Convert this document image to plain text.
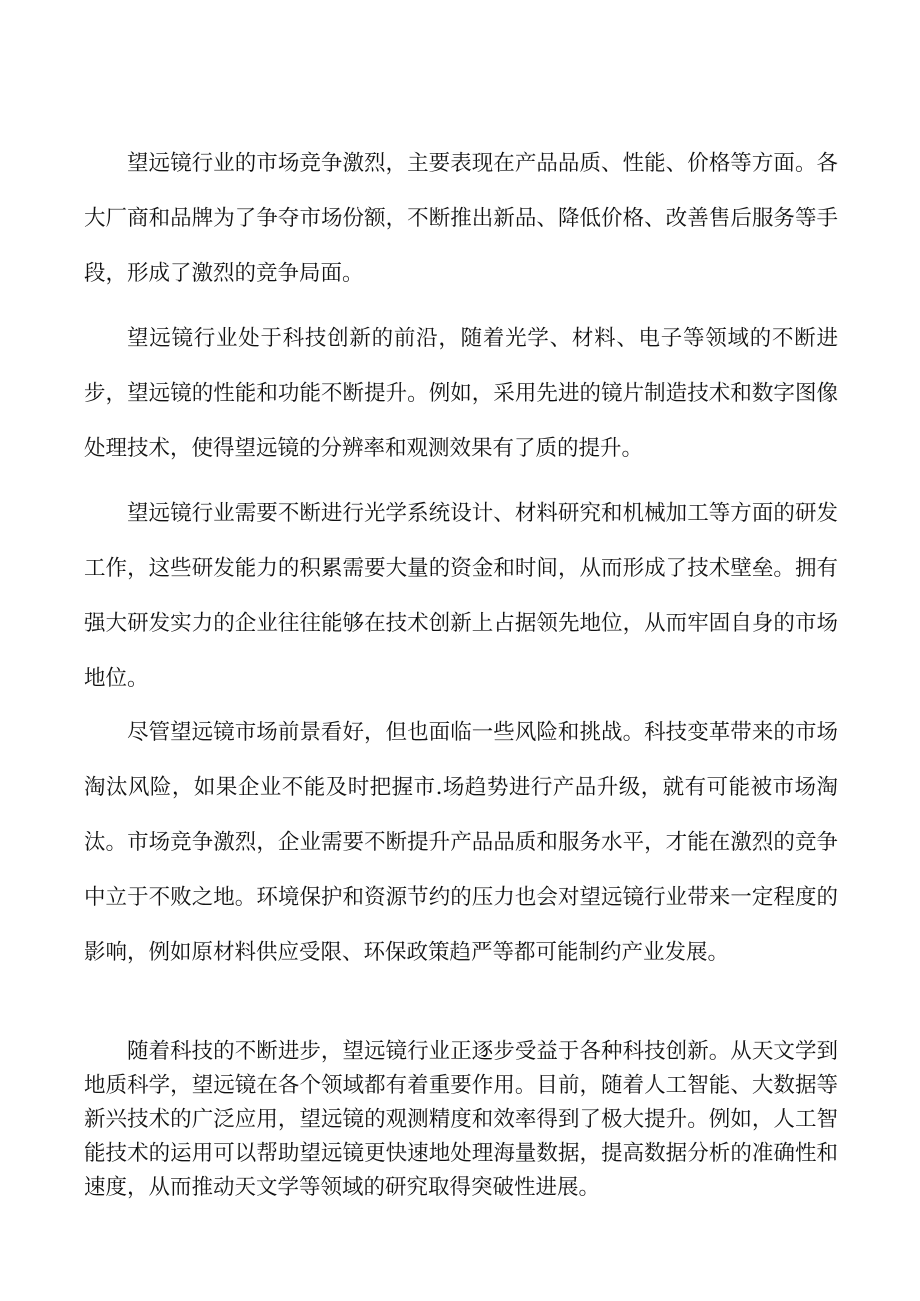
望远镜行业的市场竞争激烈，主要表现在产品品质、性能、价格等方面。各大厂商和品牌为了争夺市场份额，不断推出新品、降低价格、改善售后服务等手段，形成了激烈的竞争局面。

望远镜行业处于科技创新的前沿，随着光学、材料、电子等领域的不断进步，望远镜的性能和功能不断提升。例如，采用先进的镜片制造技术和数字图像处理技术，使得望远镜的分辨率和观测效果有了质的提升。

望远镜行业需要不断进行光学系统设计、材料研究和机械加工等方面的研发工作，这些研发能力的积累需要大量的资金和时间，从而形成了技术壁垒。拥有强大研发实力的企业往往能够在技术创新上占据领先地位，从而牢固自身的市场地位。

尽管望远镜市场前景看好，但也面临一些风险和挑战。科技变革带来的市场淘汰风险，如果企业不能及时把握市.场趋势进行产品升级，就有可能被市场淘汰。市场竞争激烈，企业需要不断提升产品品质和服务水平，才能在激烈的竞争中立于不败之地。环境保护和资源节约的压力也会对望远镜行业带来一定程度的影响，例如原材料供应受限、环保政策趋严等都可能制约产业发展。

随着科技的不断进步，望远镜行业正逐步受益于各种科技创新。从天文学到地质科学，望远镜在各个领域都有着重要作用。目前，随着人工智能、大数据等新兴技术的广泛应用，望远镜的观测精度和效率得到了极大提升。例如，人工智能技术的运用可以帮助望远镜更快速地处理海量数据，提高数据分析的准确性和速度，从而推动天文学等领域的研究取得突破性进展。
